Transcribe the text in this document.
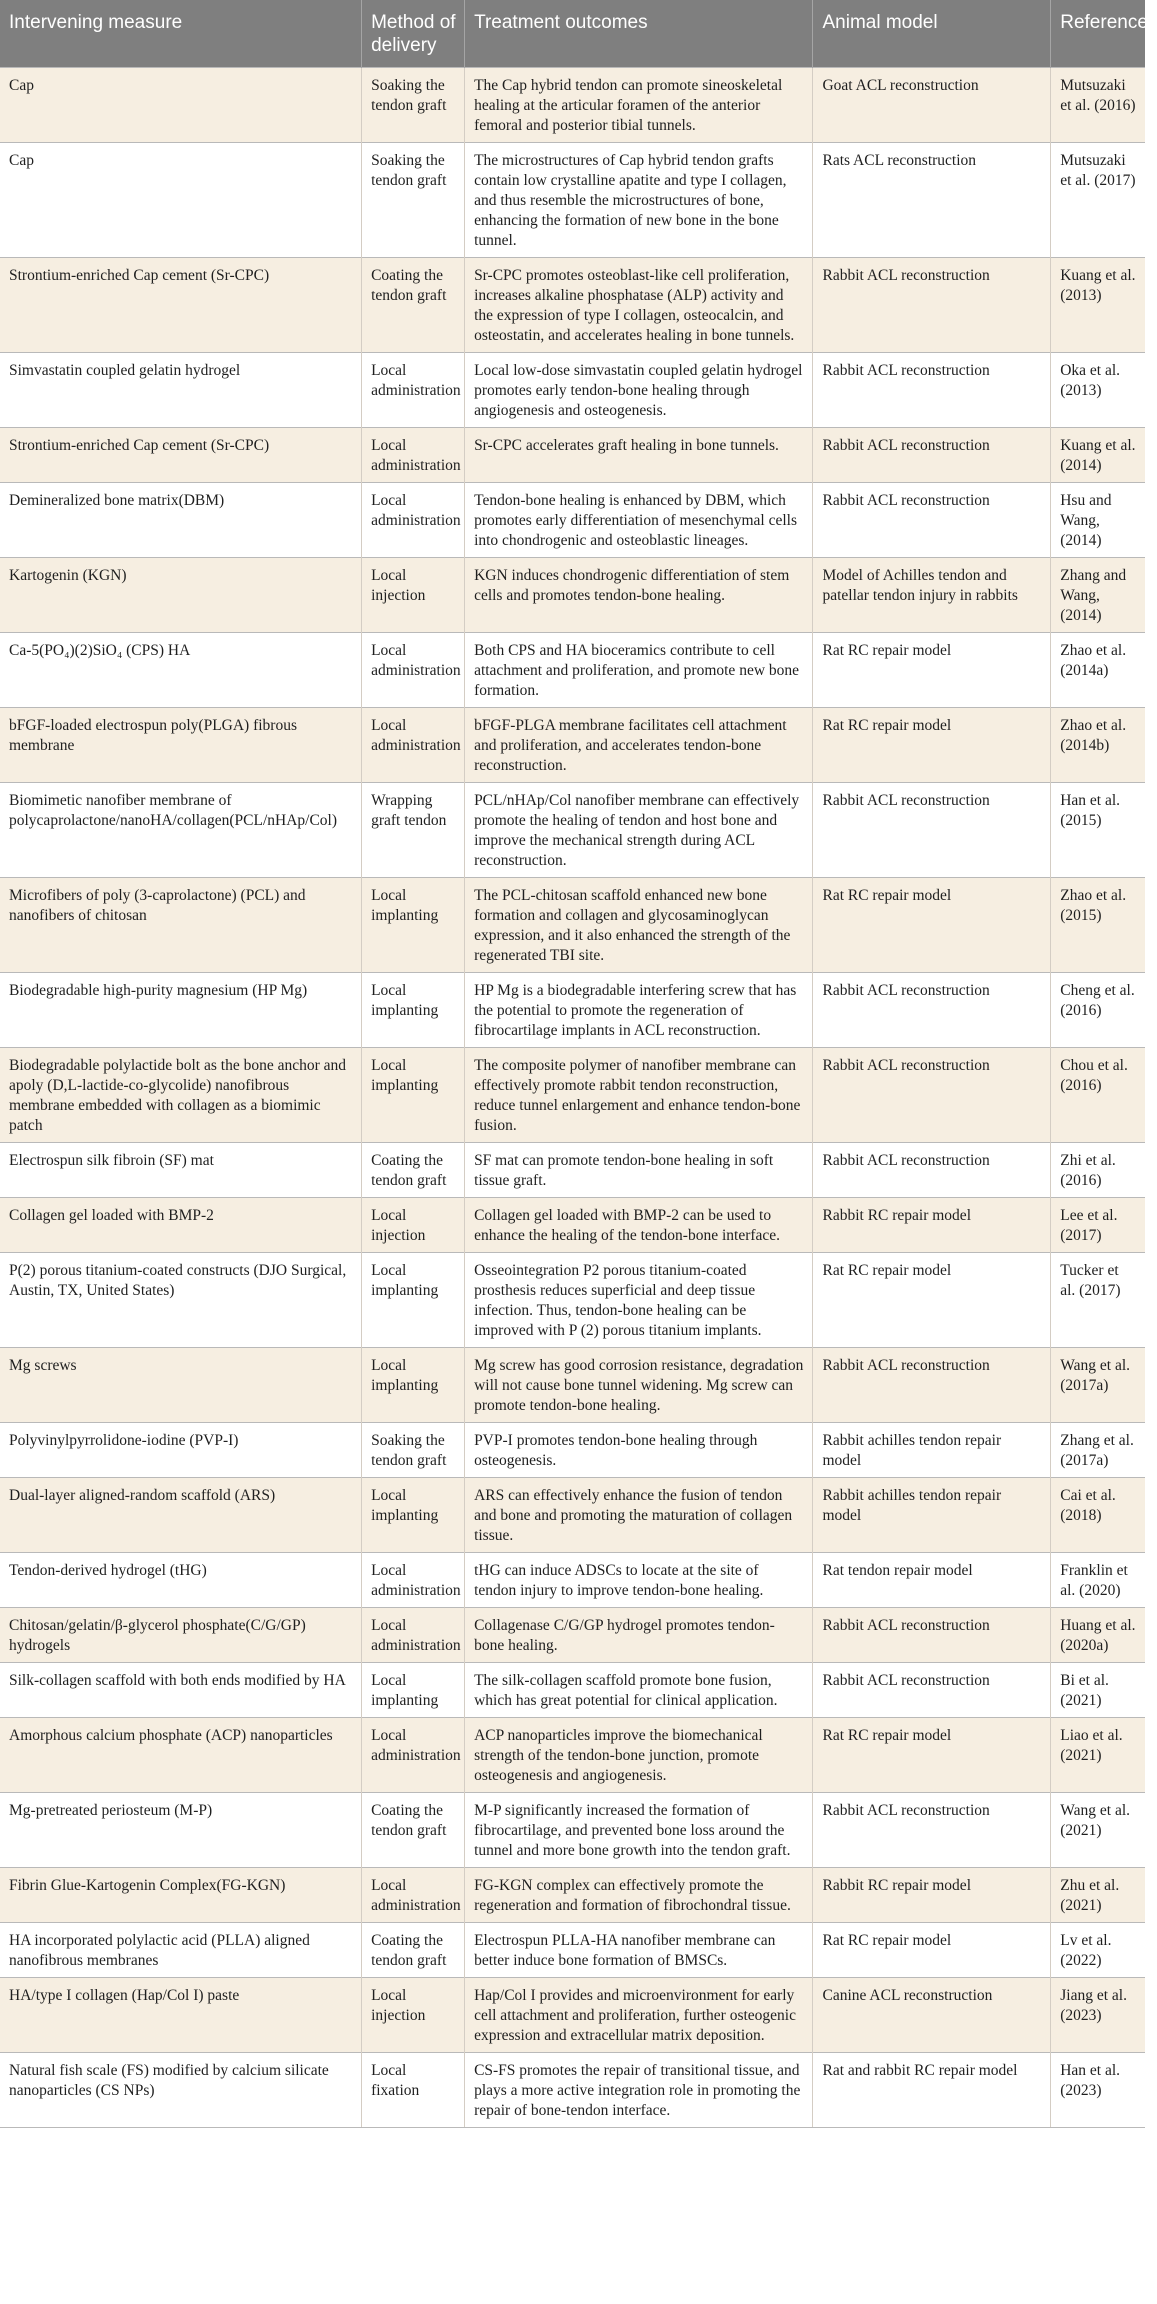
Intervening measure	Method of delivery	Treatment outcomes	Animal model	References
Cap	Soaking the tendon graft	The Cap hybrid tendon can promote sineoskeletal healing at the articular foramen of the anterior femoral and posterior tibial tunnels.	Goat ACL reconstruction	Mutsuzaki et al. (2016)
Cap	Soaking the tendon graft	The microstructures of Cap hybrid tendon grafts contain low crystalline apatite and type I collagen, and thus resemble the microstructures of bone, enhancing the formation of new bone in the bone tunnel.	Rats ACL reconstruction	Mutsuzaki et al. (2017)
Strontium-enriched Cap cement (Sr-CPC)	Coating the tendon graft	Sr-CPC promotes osteoblast-like cell proliferation, increases alkaline phosphatase (ALP) activity and the expression of type I collagen, osteocalcin, and osteostatin, and accelerates healing in bone tunnels.	Rabbit ACL reconstruction	Kuang et al. (2013)
Simvastatin coupled gelatin hydrogel	Local administration	Local low-dose simvastatin coupled gelatin hydrogel promotes early tendon-bone healing through angiogenesis and osteogenesis.	Rabbit ACL reconstruction	Oka et al. (2013)
Strontium-enriched Cap cement (Sr-CPC)	Local administration	Sr-CPC accelerates graft healing in bone tunnels.	Rabbit ACL reconstruction	Kuang et al. (2014)
Demineralized bone matrix(DBM)	Local administration	Tendon-bone healing is enhanced by DBM, which promotes early differentiation of mesenchymal cells into chondrogenic and osteoblastic lineages.	Rabbit ACL reconstruction	Hsu and Wang, (2014)
Kartogenin (KGN)	Local injection	KGN induces chondrogenic differentiation of stem cells and promotes tendon-bone healing.	Model of Achilles tendon and patellar tendon injury in rabbits	Zhang and Wang, (2014)
Ca-5(PO₄)(2)SiO₄ (CPS) HA	Local administration	Both CPS and HA bioceramics contribute to cell attachment and proliferation, and promote new bone formation.	Rat RC repair model	Zhao et al. (2014a)
bFGF-loaded electrospun poly(PLGA) fibrous membrane	Local administration	bFGF-PLGA membrane facilitates cell attachment and proliferation, and accelerates tendon-bone reconstruction.	Rat RC repair model	Zhao et al. (2014b)
Biomimetic nanofiber membrane of polycaprolactone/nanoHA/collagen(PCL/nHAp/Col)	Wrapping graft tendon	PCL/nHAp/Col nanofiber membrane can effectively promote the healing of tendon and host bone and improve the mechanical strength during ACL reconstruction.	Rabbit ACL reconstruction	Han et al. (2015)
Microfibers of poly (3-caprolactone) (PCL) and nanofibers of chitosan	Local implanting	The PCL-chitosan scaffold enhanced new bone formation and collagen and glycosaminoglycan expression, and it also enhanced the strength of the regenerated TBI site.	Rat RC repair model	Zhao et al. (2015)
Biodegradable high-purity magnesium (HP Mg)	Local implanting	HP Mg is a biodegradable interfering screw that has the potential to promote the regeneration of fibrocartilage implants in ACL reconstruction.	Rabbit ACL reconstruction	Cheng et al. (2016)
Biodegradable polylactide bolt as the bone anchor and apoly (D,L-lactide-co-glycolide) nanofibrous membrane embedded with collagen as a biomimic patch	Local implanting	The composite polymer of nanofiber membrane can effectively promote rabbit tendon reconstruction, reduce tunnel enlargement and enhance tendon-bone fusion.	Rabbit ACL reconstruction	Chou et al. (2016)
Electrospun silk fibroin (SF) mat	Coating the tendon graft	SF mat can promote tendon-bone healing in soft tissue graft.	Rabbit ACL reconstruction	Zhi et al. (2016)
Collagen gel loaded with BMP-2	Local injection	Collagen gel loaded with BMP-2 can be used to enhance the healing of the tendon-bone interface.	Rabbit RC repair model	Lee et al. (2017)
P(2) porous titanium-coated constructs (DJO Surgical, Austin, TX, United States)	Local implanting	Osseointegration P2 porous titanium-coated prosthesis reduces superficial and deep tissue infection. Thus, tendon-bone healing can be improved with P (2) porous titanium implants.	Rat RC repair model	Tucker et al. (2017)
Mg screws	Local implanting	Mg screw has good corrosion resistance, degradation will not cause bone tunnel widening. Mg screw can promote tendon-bone healing.	Rabbit ACL reconstruction	Wang et al. (2017a)
Polyvinylpyrrolidone-iodine (PVP-I)	Soaking the tendon graft	PVP-I promotes tendon-bone healing through osteogenesis.	Rabbit achilles tendon repair model	Zhang et al. (2017a)
Dual-layer aligned-random scaffold (ARS)	Local implanting	ARS can effectively enhance the fusion of tendon and bone and promoting the maturation of collagen tissue.	Rabbit achilles tendon repair model	Cai et al. (2018)
Tendon-derived hydrogel (tHG)	Local administration	tHG can induce ADSCs to locate at the site of tendon injury to improve tendon-bone healing.	Rat tendon repair model	Franklin et al. (2020)
Chitosan/gelatin/β-glycerol phosphate(C/G/GP) hydrogels	Local administration	Collagenase C/G/GP hydrogel promotes tendon-bone healing.	Rabbit ACL reconstruction	Huang et al. (2020a)
Silk-collagen scaffold with both ends modified by HA	Local implanting	The silk-collagen scaffold promote bone fusion, which has great potential for clinical application.	Rabbit ACL reconstruction	Bi et al. (2021)
Amorphous calcium phosphate (ACP) nanoparticles	Local administration	ACP nanoparticles improve the biomechanical strength of the tendon-bone junction, promote osteogenesis and angiogenesis.	Rat RC repair model	Liao et al. (2021)
Mg-pretreated periosteum (M-P)	Coating the tendon graft	M-P significantly increased the formation of fibrocartilage, and prevented bone loss around the tunnel and more bone growth into the tendon graft.	Rabbit ACL reconstruction	Wang et al. (2021)
Fibrin Glue-Kartogenin Complex(FG-KGN)	Local administration	FG-KGN complex can effectively promote the regeneration and formation of fibrochondral tissue.	Rabbit RC repair model	Zhu et al. (2021)
HA incorporated polylactic acid (PLLA) aligned nanofibrous membranes	Coating the tendon graft	Electrospun PLLA-HA nanofiber membrane can better induce bone formation of BMSCs.	Rat RC repair model	Lv et al. (2022)
HA/type I collagen (Hap/Col I) paste	Local injection	Hap/Col I provides and microenvironment for early cell attachment and proliferation, further osteogenic expression and extracellular matrix deposition.	Canine ACL reconstruction	Jiang et al. (2023)
Natural fish scale (FS) modified by calcium silicate nanoparticles (CS NPs)	Local fixation	CS-FS promotes the repair of transitional tissue, and plays a more active integration role in promoting the repair of bone-tendon interface.	Rat and rabbit RC repair model	Han et al. (2023)
